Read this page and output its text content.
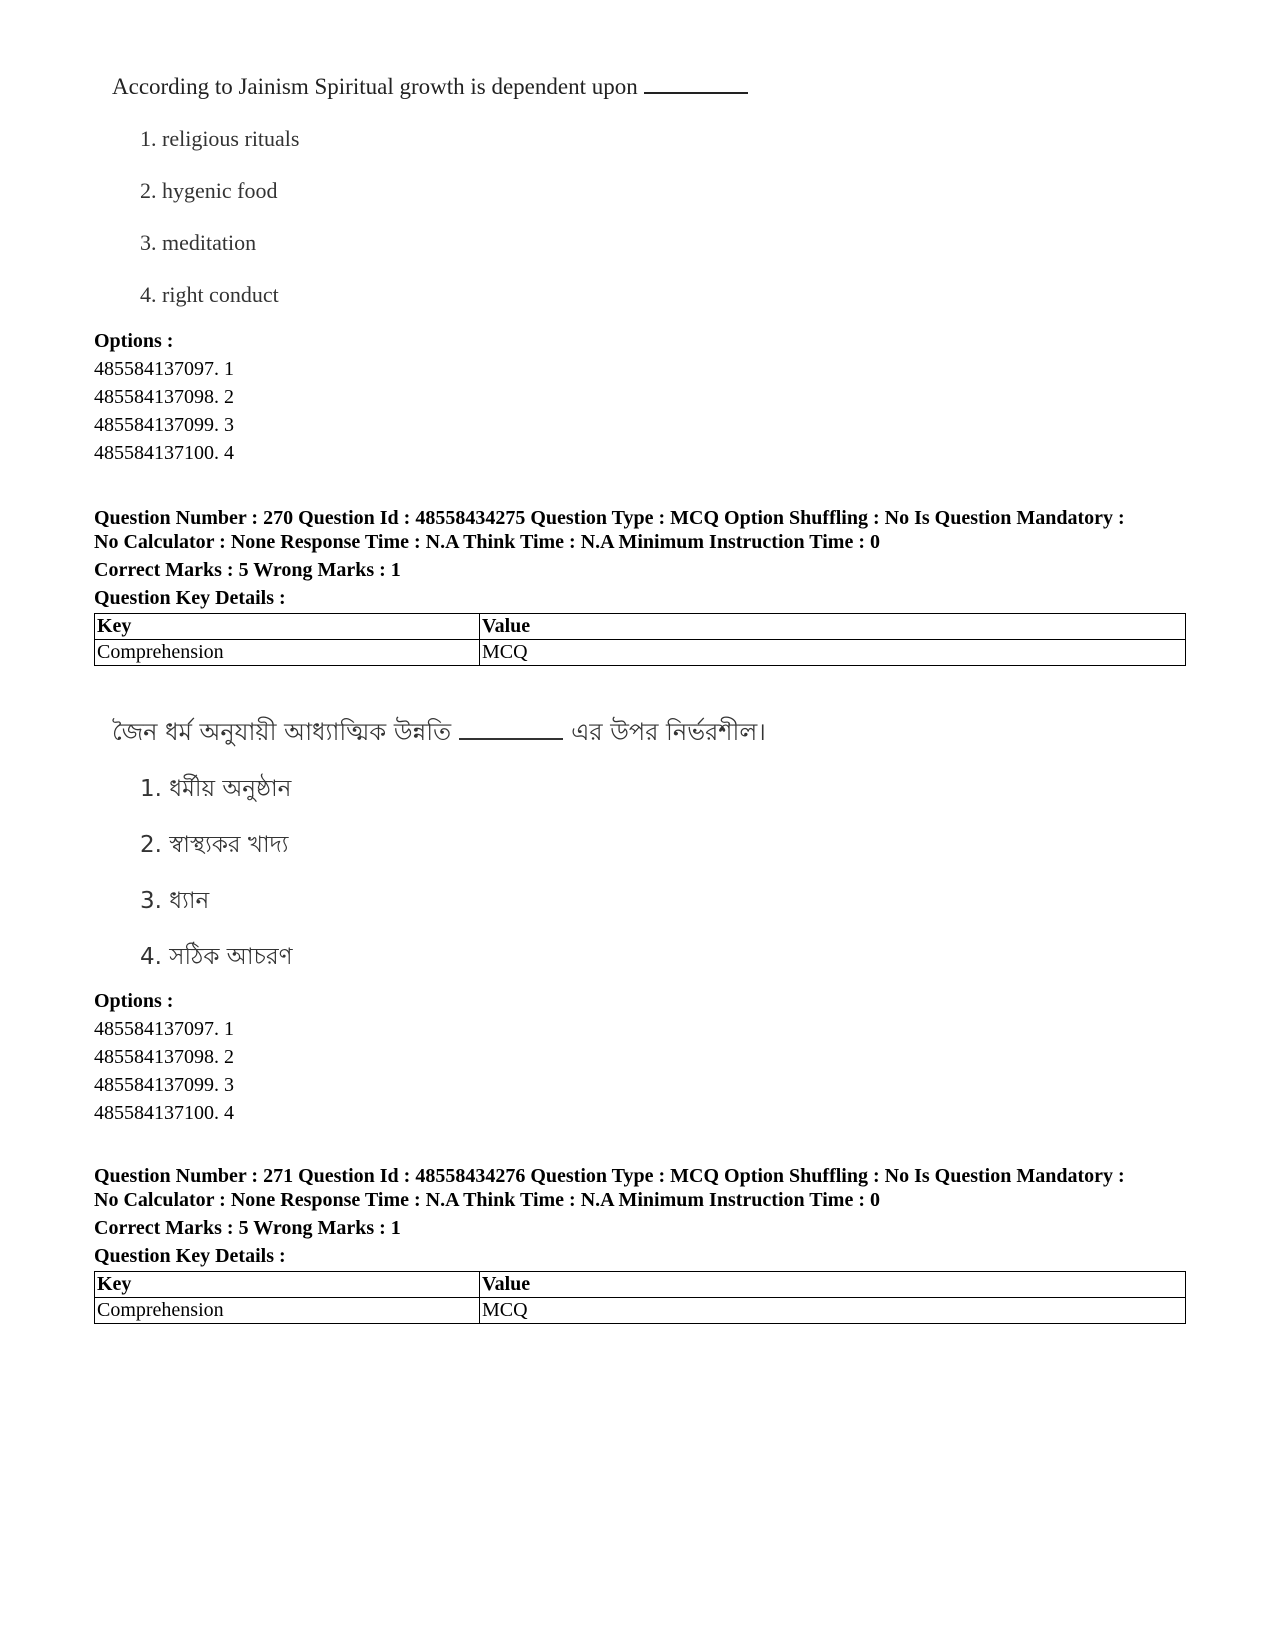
According to Jainism Spiritual growth is dependent upon
1. religious rituals
2. hygenic food
3. meditation
4. right conduct
Options :
485584137097. 1
485584137098. 2
485584137099. 3
485584137100. 4
Question Number : 270 Question Id : 48558434275 Question Type : MCQ Option Shuffling : No Is Question Mandatory :
No Calculator : None Response Time : N.A Think Time : N.A Minimum Instruction Time : 0
Correct Marks : 5 Wrong Marks : 1
Question Key Details :
Key	Value
Comprehension	MCQ
জৈন ধর্ম অনুযায়ী আধ্যাত্মিক উন্নতি	এর উপর নির্ভরশীল।
1. ধর্মীয় অনুষ্ঠান
2. স্বাস্থ্যকর খাদ্য
3. ধ্যান
4. সঠিক আচরণ
Options :
485584137097. 1
485584137098. 2
485584137099. 3
485584137100. 4
Question Number : 271 Question Id : 48558434276 Question Type : MCQ Option Shuffling : No Is Question Mandatory :
No Calculator : None Response Time : N.A Think Time : N.A Minimum Instruction Time : 0
Correct Marks : 5 Wrong Marks : 1
Question Key Details :
Key	Value
Comprehension	MCQ
